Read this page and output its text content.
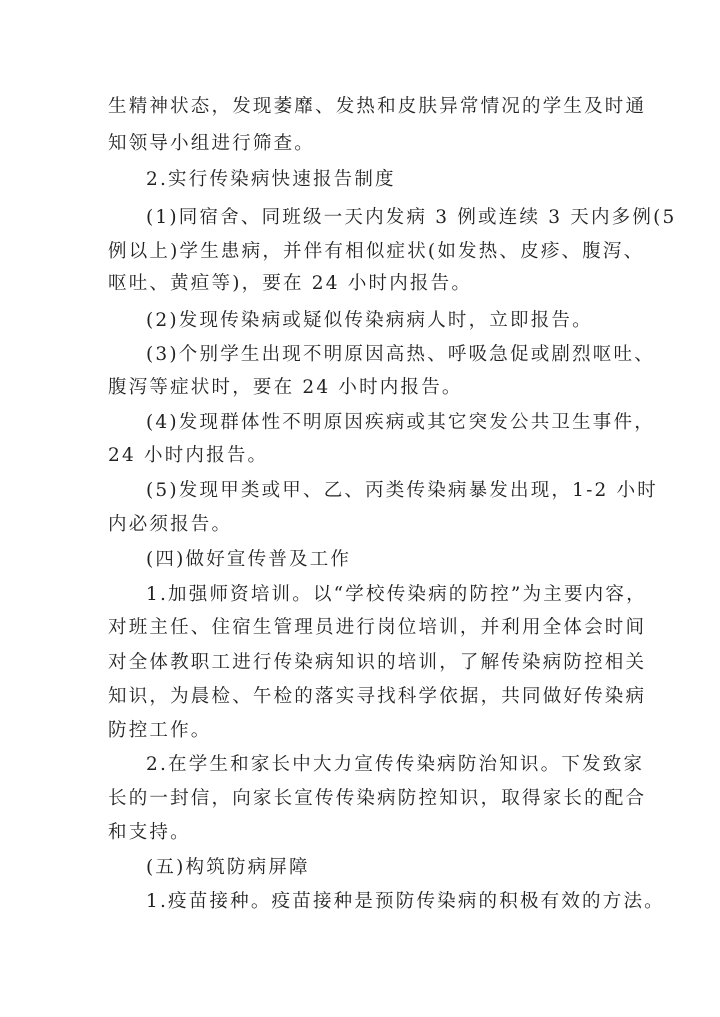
生精神状态，发现萎靡、发热和皮肤异常情况的学生及时通
知领导小组进行筛查。
2.实行传染病快速报告制度
(1)同宿舍、同班级一天内发病 3 例或连续 3 天内多例(5
例以上)学生患病，并伴有相似症状(如发热、皮疹、腹泻、
呕吐、黄疸等)，要在 24 小时内报告。
(2)发现传染病或疑似传染病病人时，立即报告。
(3)个别学生出现不明原因高热、呼吸急促或剧烈呕吐、
腹泻等症状时，要在 24 小时内报告。
(4)发现群体性不明原因疾病或其它突发公共卫生事件，
24 小时内报告。
(5)发现甲类或甲、乙、丙类传染病暴发出现，1-2 小时
内必须报告。
(四)做好宣传普及工作
1.加强师资培训。以“学校传染病的防控”为主要内容，
对班主任、住宿生管理员进行岗位培训，并利用全体会时间
对全体教职工进行传染病知识的培训，了解传染病防控相关
知识，为晨检、午检的落实寻找科学依据，共同做好传染病
防控工作。
2.在学生和家长中大力宣传传染病防治知识。下发致家
长的一封信，向家长宣传传染病防控知识，取得家长的配合
和支持。
(五)构筑防病屏障
1.疫苗接种。疫苗接种是预防传染病的积极有效的方法。
